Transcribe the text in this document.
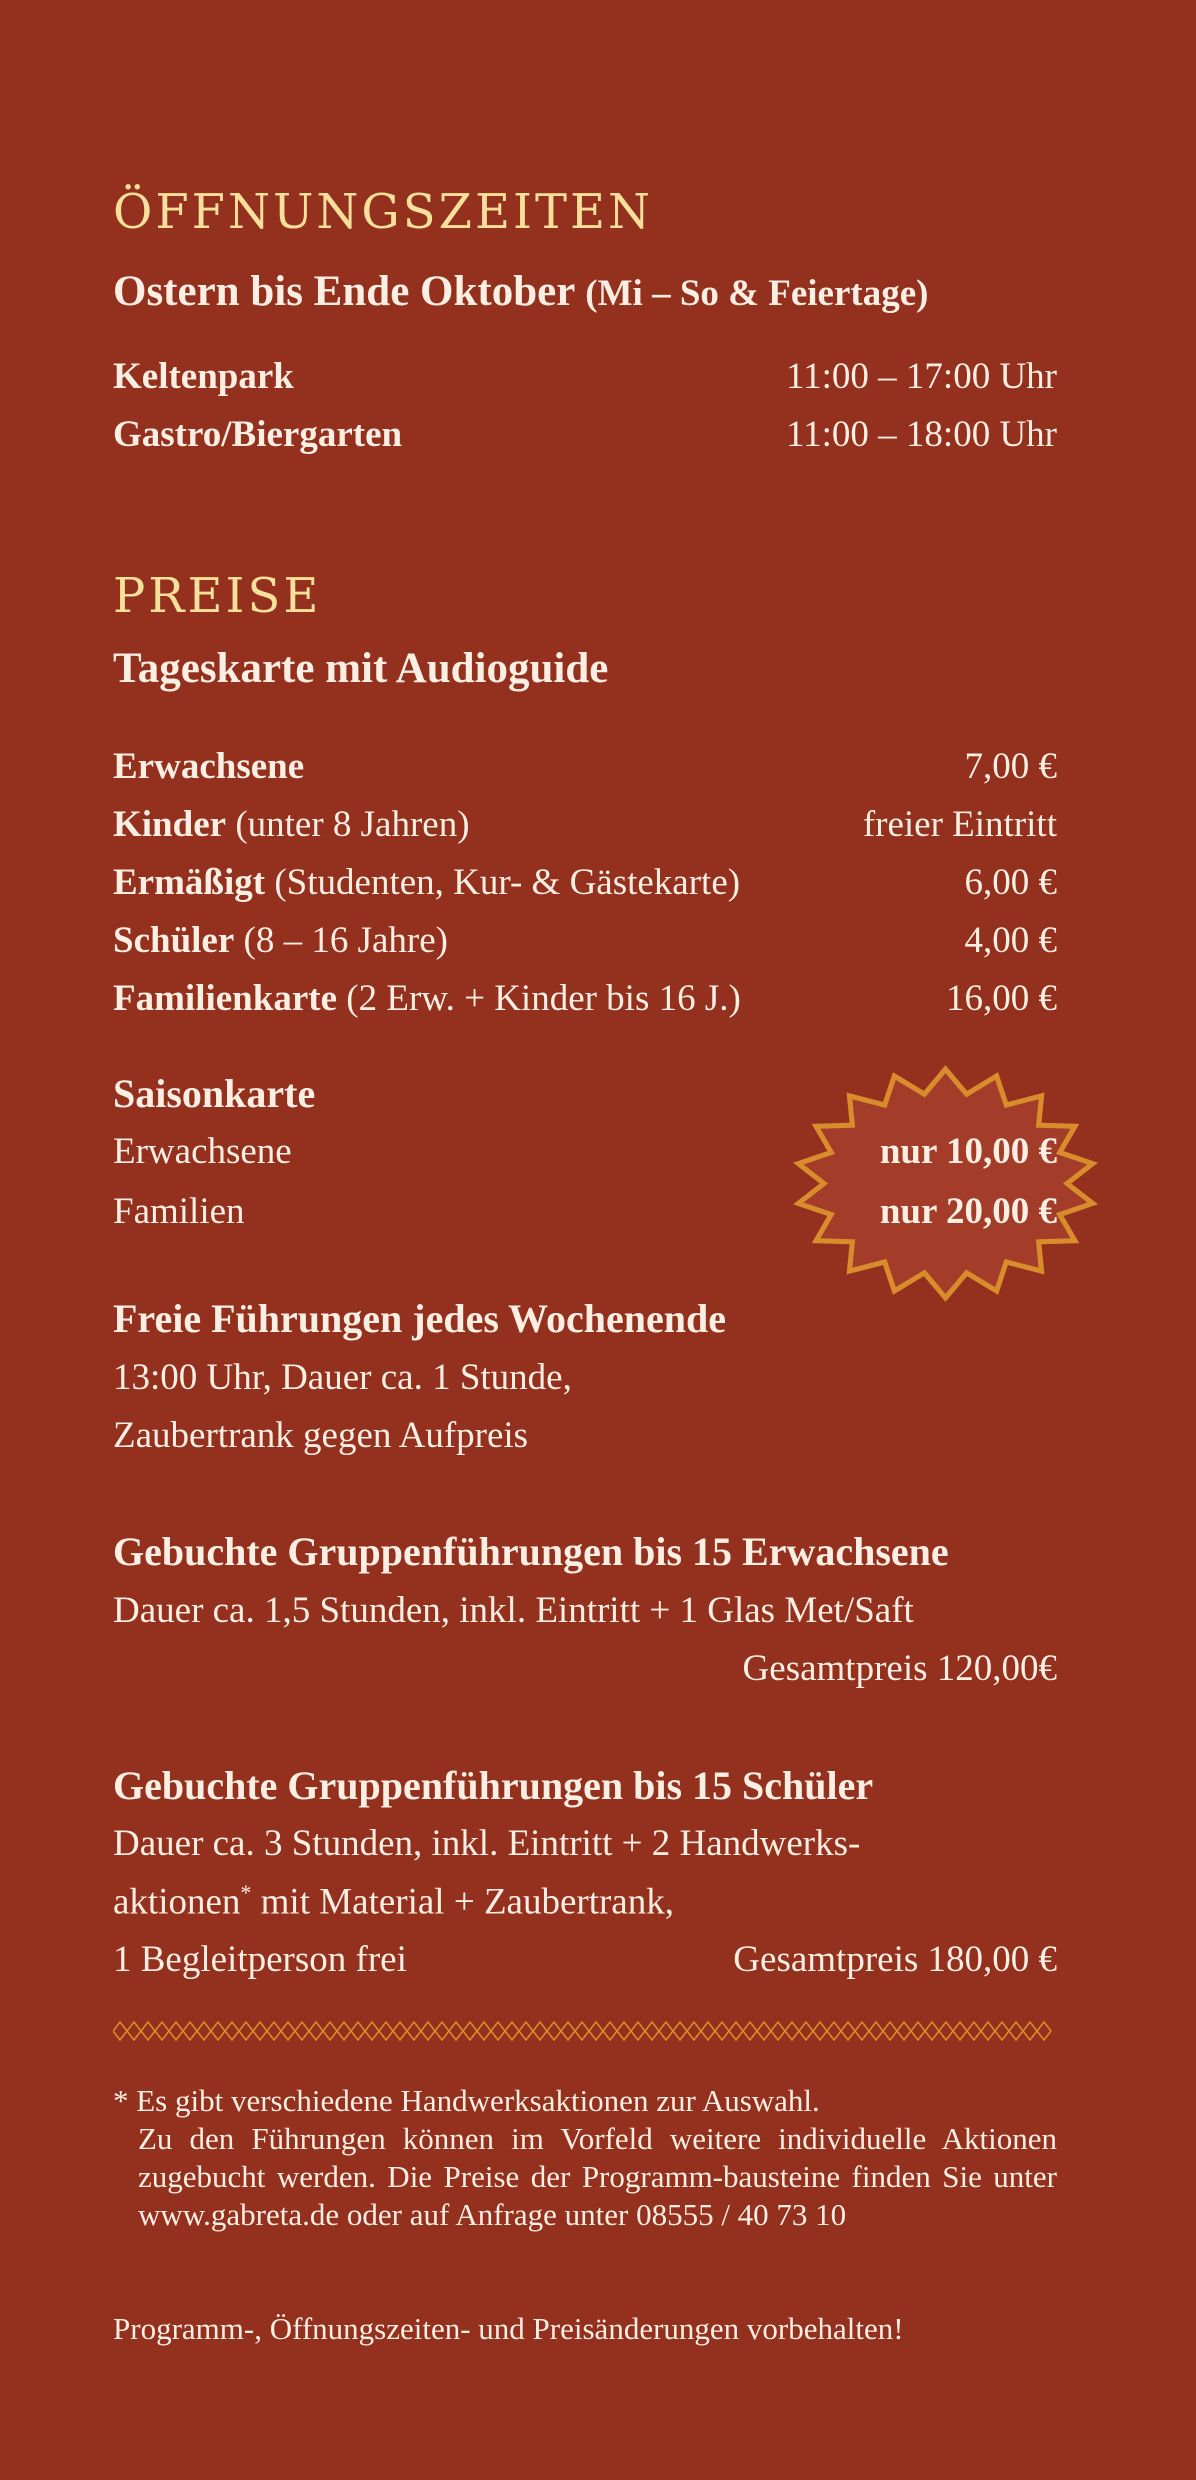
öffnungszeiten
Ostern bis Ende Oktober (Mi – So & Feiertage)
Keltenpark	11:00 – 17:00 Uhr
Gastro/Biergarten	11:00 – 18:00 Uhr
preise
Tageskarte mit Audioguide
Erwachsene	7,00 €
Kinder (unter 8 Jahren)	freier Eintritt
Ermäßigt (Studenten, Kur- & Gästekarte)	6,00 €
Schüler (8 – 16 Jahre)	4,00 €
Familienkarte (2 Erw. + Kinder bis 16 J.)	16,00 €
Saisonkarte
Erwachsene	nur 10,00 €
Familien	nur 20,00 €
Freie Führungen jedes Wochenende
13:00 Uhr, Dauer ca. 1 Stunde,
Zaubertrank gegen Aufpreis
Gebuchte Gruppenführungen bis 15 Erwachsene
Dauer ca. 1,5 Stunden, inkl. Eintritt + 1 Glas Met/Saft
Gesamtpreis 120,00€
Gebuchte Gruppenführungen bis 15 Schüler
Dauer ca. 3 Stunden, inkl. Eintritt + 2 Handwerks-
aktionen* mit Material + Zaubertrank,
1 Begleitperson frei	Gesamtpreis 180,00 €
* Es gibt verschiedene Handwerksaktionen zur Auswahl.
Zu den Führungen können im Vorfeld weitere individuelle Aktionen zugebucht werden. Die Preise der Programm-bausteine finden Sie unter www.gabreta.de oder auf Anfrage unter 08555 / 40 73 10
Programm-, Öffnungszeiten- und Preisänderungen vorbehalten!
